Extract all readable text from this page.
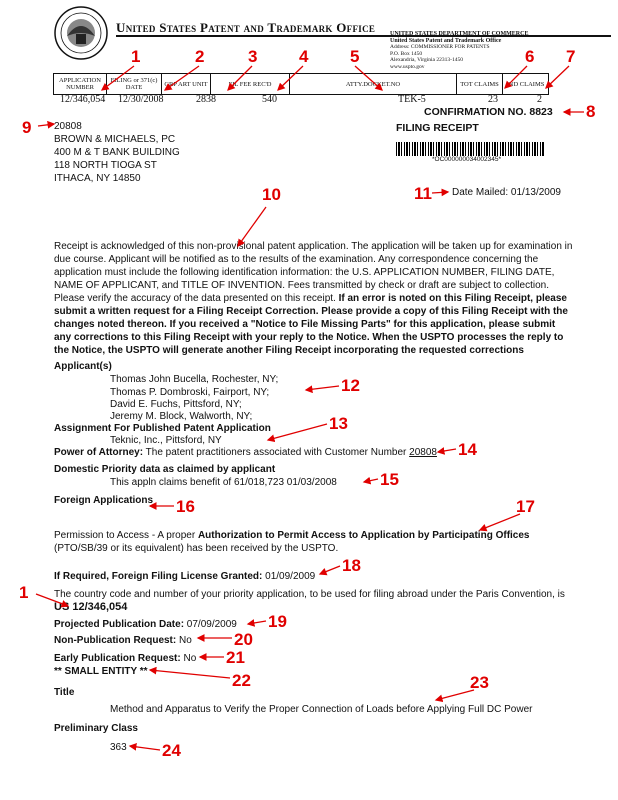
United States Patent and Trademark Office UNITED STATES DEPARTMENT OF COMMERCE
United States Patent and Trademark Office
Address: COMMISSIONER FOR PATENTS
P.O. Box 1450
Alexandria, Virginia 22313-1450
www.uspto.gov
APPLICATION NUMBER	FILING or 371(c) DATE	GRP ART UNIT	FIL FEE REC'D	ATTY.DOCKET.NO	TOT CLAIMS	IND CLAIMS
12/346,054 12/30/2008	2838	540	TEK-5	23	2
CONFIRMATION NO. 8823
FILING RECEIPT
*OC000000034002345*
20808
BROWN & MICHAELS, PC
400 M & T BANK BUILDING
118 NORTH TIOGA ST
ITHACA, NY 14850
Date Mailed: 01/13/2009
Receipt is acknowledged of this non-provisional patent application. The application will be taken up for examination in due course. Applicant will be notified as to the results of the examination. Any correspondence concerning the application must include the following identification information: the U.S. APPLICATION NUMBER, FILING DATE, NAME OF APPLICANT, and TITLE OF INVENTION. Fees transmitted by check or draft are subject to collection. Please verify the accuracy of the data presented on this receipt. If an error is noted on this Filing Receipt, please submit a written request for a Filing Receipt Correction. Please provide a copy of this Filing Receipt with the changes noted thereon. If you received a "Notice to File Missing Parts" for this application, please submit any corrections to this Filing Receipt with your reply to the Notice. When the USPTO processes the reply to the Notice, the USPTO will generate another Filing Receipt incorporating the requested corrections
Applicant(s)
Thomas John Bucella, Rochester, NY;
Thomas P. Dombroski, Fairport, NY;
David E. Fuchs, Pittsford, NY;
Jeremy M. Block, Walworth, NY;
Assignment For Published Patent Application
Teknic, Inc., Pittsford, NY
Power of Attorney: The patent practitioners associated with Customer Number 20808
Domestic Priority data as claimed by applicant
This appln claims benefit of 61/018,723 01/03/2008
Foreign Applications
Permission to Access - A proper Authorization to Permit Access to Application by Participating Offices (PTO/SB/39 or its equivalent) has been received by the USPTO.
If Required, Foreign Filing License Granted: 01/09/2009
The country code and number of your priority application, to be used for filing abroad under the Paris Convention, is US 12/346,054
Projected Publication Date: 07/09/2009
Non-Publication Request: No
Early Publication Request: No
** SMALL ENTITY **
Title
Method and Apparatus to Verify the Proper Connection of Loads before Applying Full DC Power
Preliminary Class
363
1	2	3 4 5	6 7
8
9
10	11
12
13
14
15
16	17
18
1
19
20
21
22	23
24
